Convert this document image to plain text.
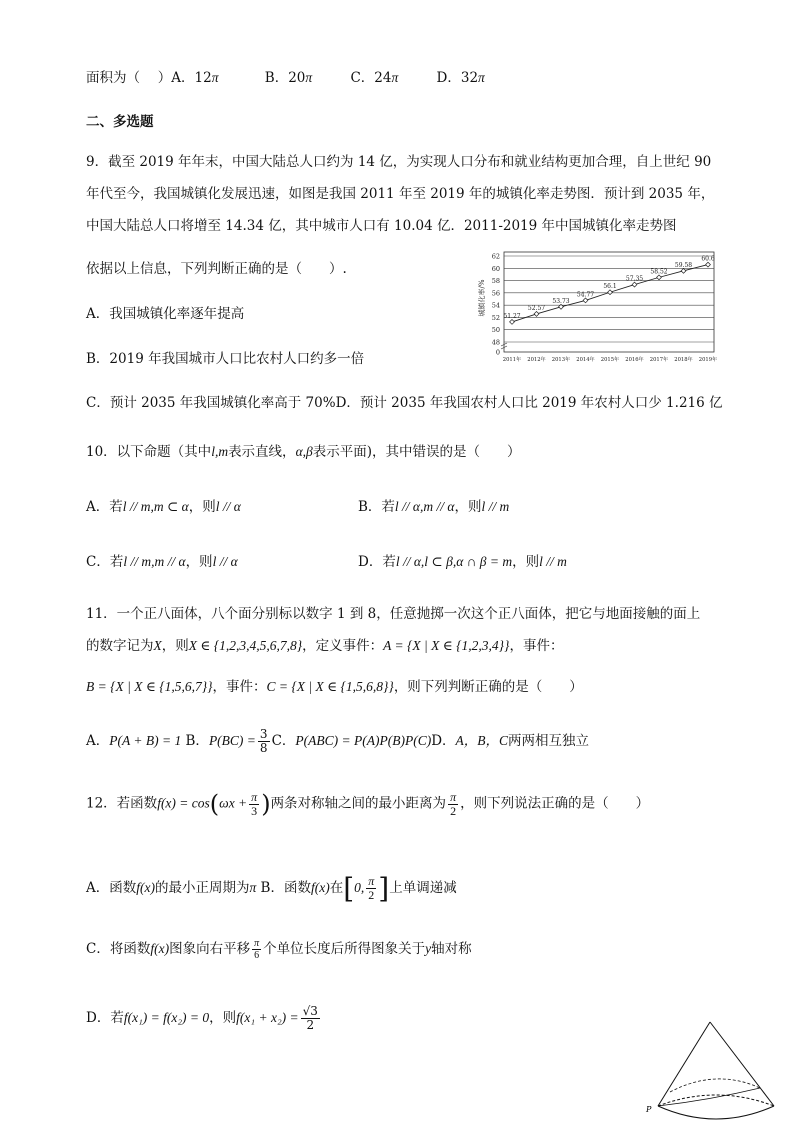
面积为（　 ）A．12π	B．20π	C．24π	D．32π
二、多选题
9．截至 2019 年年末，中国大陆总人口约为 14 亿，为实现人口分布和就业结构更加合理，自上世纪 90
年代至今，我国城镇化发展迅速，如图是我国 2011 年至 2019 年的城镇化率走势图．预计到 2035 年，
中国大陆总人口将增至 14.34 亿，其中城市人口有 10.04 亿．2011-2019 年中国城镇化率走势图
依据以上信息，下列判断正确的是（　　）.
A．我国城镇化率逐年提高
B．2019 年我国城市人口比农村人口约多一倍
C．预计 2035 年我国城镇化率高于 70%D．预计 2035 年我国农村人口比 2019 年农村人口少 1.216 亿
0
48
50
52
54
56
58
60
62
2011年 2012年 2013年 2014年 2015年 2016年 2017年 2018年 2019年
51.27
52.57
53.73
54.77
56.1
57.35
58.52
59.58
60.6
城镇化率/%
10．以下命题（其中l,m表示直线，α,β表示平面)，其中错误的是（　　）
A．若l // m,m ⊂ α，则l // α	B．若l // α,m // α，则l // m
C．若l // m,m // α，则l // α	D．若l // α,l ⊂ β,α ∩ β = m，则l // m
11．一个正八面体，八个面分别标以数字 1 到 8，任意抛掷一次这个正八面体，把它与地面接触的面上
的数字记为X，则X ∈ {1,2,3,4,5,6,7,8}，定义事件：A = {X | X ∈ {1,2,3,4}}，事件：
B = {X | X ∈ {1,5,6,7}}，事件：C = {X | X ∈ {1,5,6,8}}，则下列判断正确的是（　　）
A．P(A + B) = 1 B．$P(BC) = \frac{3}{8}$ C．P(ABC) = P(A)P(B)P(C)D．A，B，C两两相互独立
12．若函数$f(x) = \cos(\omega x + \frac{\pi}{3}$ )两条对称轴之间的最小距离为 $\frac{\pi}{2}$ ，则下列说法正确的是（　　）
A．函数f(x)的最小正周期为π B．函数f(x)在[0, $\frac{\pi}{2}$ ]上单调递减
C．将函数f(x)图象向右平移 $\frac{\pi}{6}$ 个单位长度后所得图象关于y轴对称
D．若f(x₁) = f(x₂) = 0，则$f(x_1 + x_2) = \frac{√3}{2}$
P
